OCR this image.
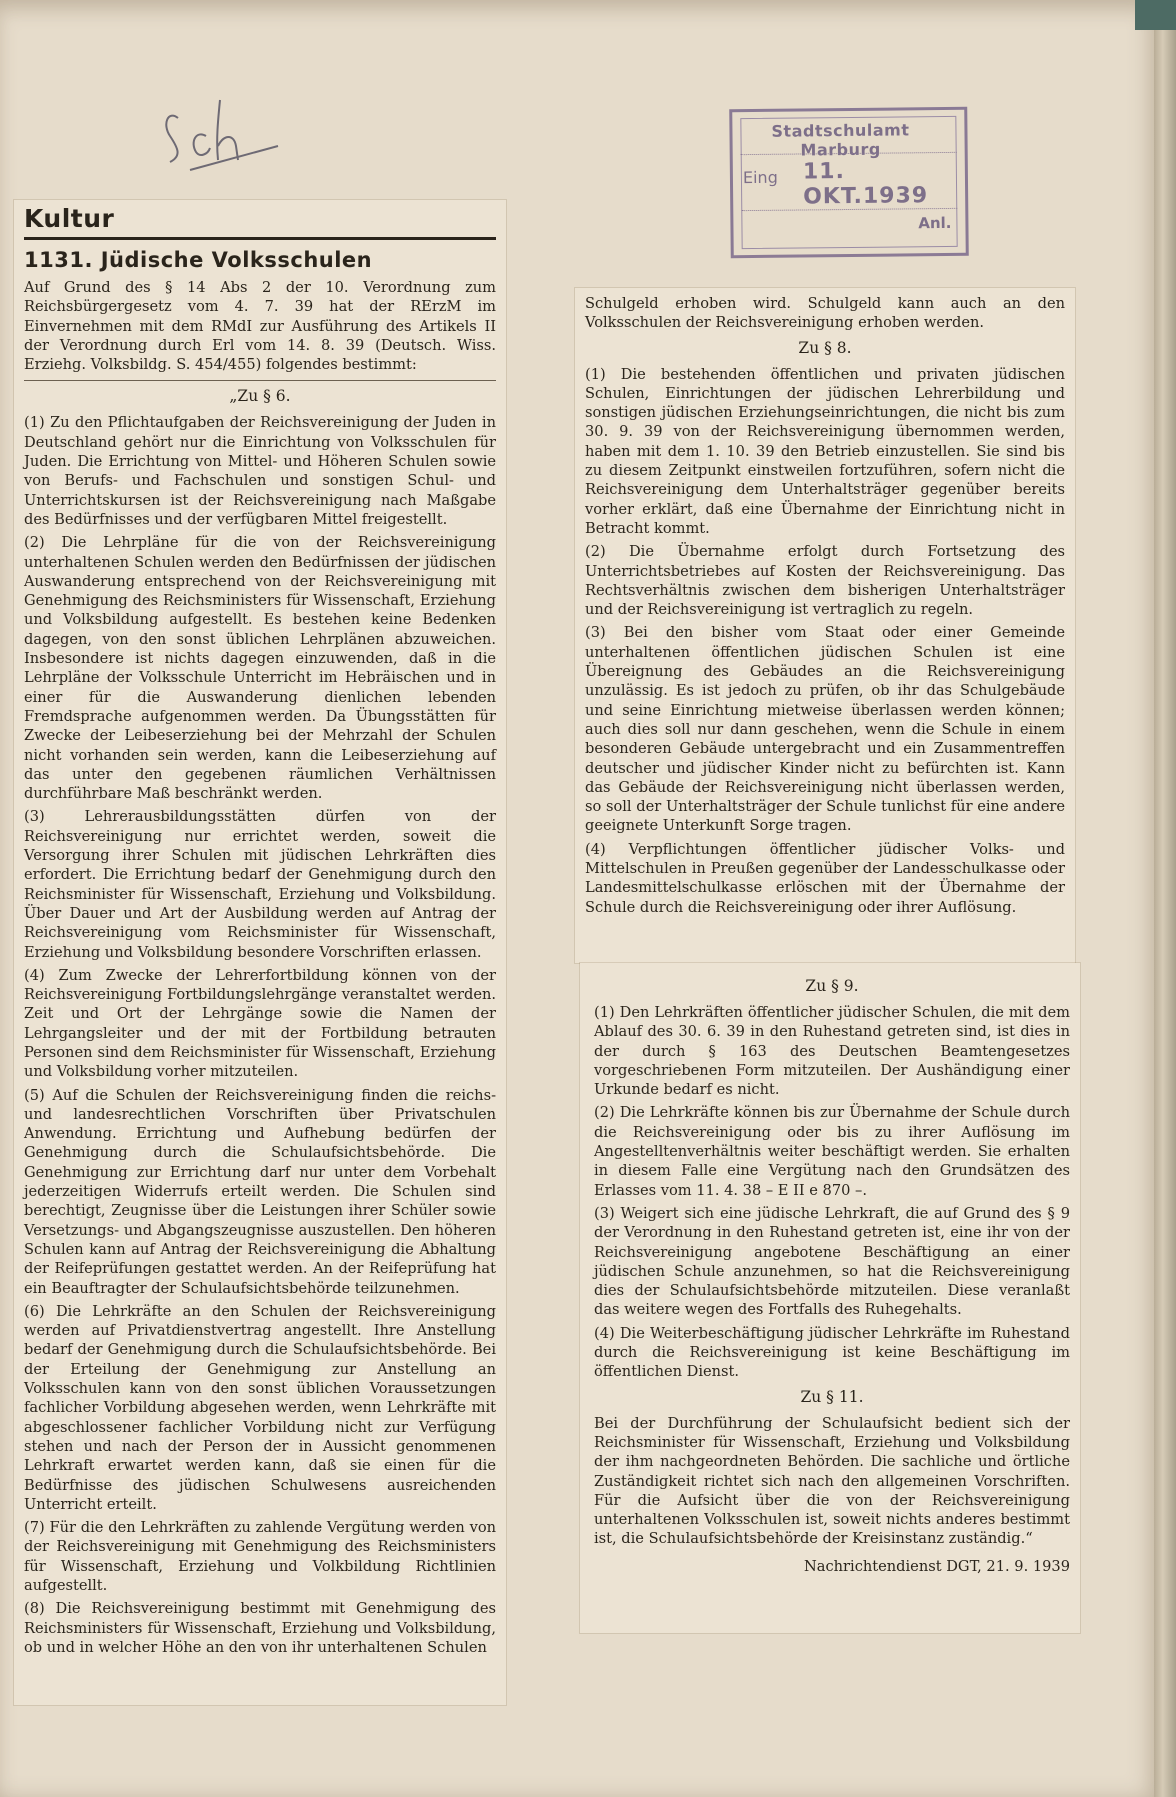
Stadtschulamt Marburg
Eing 11. OKT.1939
Anl.
Kultur
1131. Jüdische Volksschulen

Auf Grund des § 14 Abs 2 der 10. Verordnung zum Reichsbürgergesetz vom 4. 7. 39 hat der RErzM im Einvernehmen mit dem RMdI zur Ausführung des Artikels II der Verordnung durch Erl vom 14. 8. 39 (Deutsch. Wiss. Erziehg. Volksbildg. S. 454/455) folgendes bestimmt:

„Zu § 6.

(1) Zu den Pflichtaufgaben der Reichsvereinigung der Juden in Deutschland gehört nur die Einrichtung von Volksschulen für Juden. Die Errichtung von Mittel- und Höheren Schulen sowie von Berufs- und Fachschulen und sonstigen Schul- und Unterrichtskursen ist der Reichsvereinigung nach Maßgabe des Bedürfnisses und der verfügbaren Mittel freigestellt.

(2) Die Lehrpläne für die von der Reichsvereinigung unterhaltenen Schulen werden den Bedürfnissen der jüdischen Auswanderung entsprechend von der Reichsvereinigung mit Genehmigung des Reichsministers für Wissenschaft, Erziehung und Volksbildung aufgestellt. Es bestehen keine Bedenken dagegen, von den sonst üblichen Lehrplänen abzuweichen. Insbesondere ist nichts dagegen einzuwenden, daß in die Lehrpläne der Volksschule Unterricht im Hebräischen und in einer für die Auswanderung dienlichen lebenden Fremdsprache aufgenommen werden. Da Übungsstätten für Zwecke der Leibeserziehung bei der Mehrzahl der Schulen nicht vorhanden sein werden, kann die Leibeserziehung auf das unter den gegebenen räumlichen Verhältnissen durchführbare Maß beschränkt werden.

(3) Lehrerausbildungsstätten dürfen von der Reichsvereinigung nur errichtet werden, soweit die Versorgung ihrer Schulen mit jüdischen Lehrkräften dies erfordert. Die Errichtung bedarf der Genehmigung durch den Reichsminister für Wissenschaft, Erziehung und Volksbildung. Über Dauer und Art der Ausbildung werden auf Antrag der Reichsvereinigung vom Reichsminister für Wissenschaft, Erziehung und Volksbildung besondere Vorschriften erlassen.

(4) Zum Zwecke der Lehrerfortbildung können von der Reichsvereinigung Fortbildungslehrgänge veranstaltet werden. Zeit und Ort der Lehrgänge sowie die Namen der Lehrgangsleiter und der mit der Fortbildung betrauten Personen sind dem Reichsminister für Wissenschaft, Erziehung und Volksbildung vorher mitzuteilen.

(5) Auf die Schulen der Reichsvereinigung finden die reichs- und landesrechtlichen Vorschriften über Privatschulen Anwendung. Errichtung und Aufhebung bedürfen der Genehmigung durch die Schulaufsichtsbehörde. Die Genehmigung zur Errichtung darf nur unter dem Vorbehalt jederzeitigen Widerrufs erteilt werden. Die Schulen sind berechtigt, Zeugnisse über die Leistungen ihrer Schüler sowie Versetzungs- und Abgangszeugnisse auszustellen. Den höheren Schulen kann auf Antrag der Reichsvereinigung die Abhaltung der Reifeprüfungen gestattet werden. An der Reifeprüfung hat ein Beauftragter der Schulaufsichtsbehörde teilzunehmen.

(6) Die Lehrkräfte an den Schulen der Reichsvereinigung werden auf Privatdienstvertrag angestellt. Ihre Anstellung bedarf der Genehmigung durch die Schulaufsichtsbehörde. Bei der Erteilung der Genehmigung zur Anstellung an Volksschulen kann von den sonst üblichen Voraussetzungen fachlicher Vorbildung abgesehen werden, wenn Lehrkräfte mit abgeschlossener fachlicher Vorbildung nicht zur Verfügung stehen und nach der Person der in Aussicht genommenen Lehrkraft erwartet werden kann, daß sie einen für die Bedürfnisse des jüdischen Schulwesens ausreichenden Unterricht erteilt.

(7) Für die den Lehrkräften zu zahlende Vergütung werden von der Reichsvereinigung mit Genehmigung des Reichsministers für Wissenschaft, Erziehung und Volkbildung Richtlinien aufgestellt.

(8) Die Reichsvereinigung bestimmt mit Genehmigung des Reichsministers für Wissenschaft, Erziehung und Volksbildung, ob und in welcher Höhe an den von ihr unterhaltenen Schulen

Schulgeld erhoben wird. Schulgeld kann auch an den Volksschulen der Reichsvereinigung erhoben werden.

Zu § 8.

(1) Die bestehenden öffentlichen und privaten jüdischen Schulen, Einrichtungen der jüdischen Lehrerbildung und sonstigen jüdischen Erziehungseinrichtungen, die nicht bis zum 30. 9. 39 von der Reichsvereinigung übernommen werden, haben mit dem 1. 10. 39 den Betrieb einzustellen. Sie sind bis zu diesem Zeitpunkt einstweilen fortzuführen, sofern nicht die Reichsvereinigung dem Unterhaltsträger gegenüber bereits vorher erklärt, daß eine Übernahme der Einrichtung nicht in Betracht kommt.

(2) Die Übernahme erfolgt durch Fortsetzung des Unterrichtsbetriebes auf Kosten der Reichsvereinigung. Das Rechtsverhältnis zwischen dem bisherigen Unterhaltsträger und der Reichsvereinigung ist vertraglich zu regeln.

(3) Bei den bisher vom Staat oder einer Gemeinde unterhaltenen öffentlichen jüdischen Schulen ist eine Übereignung des Gebäudes an die Reichsvereinigung unzulässig. Es ist jedoch zu prüfen, ob ihr das Schulgebäude und seine Einrichtung mietweise überlassen werden können; auch dies soll nur dann geschehen, wenn die Schule in einem besonderen Gebäude untergebracht und ein Zusammentreffen deutscher und jüdischer Kinder nicht zu befürchten ist. Kann das Gebäude der Reichsvereinigung nicht überlassen werden, so soll der Unterhaltsträger der Schule tunlichst für eine andere geeignete Unterkunft Sorge tragen.

(4) Verpflichtungen öffentlicher jüdischer Volks- und Mittelschulen in Preußen gegenüber der Landesschulkasse oder Landesmittelschulkasse erlöschen mit der Übernahme der Schule durch die Reichsvereinigung oder ihrer Auflösung.

Zu § 9.

(1) Den Lehrkräften öffentlicher jüdischer Schulen, die mit dem Ablauf des 30. 6. 39 in den Ruhestand getreten sind, ist dies in der durch § 163 des Deutschen Beamtengesetzes vorgeschriebenen Form mitzuteilen. Der Aushändigung einer Urkunde bedarf es nicht.

(2) Die Lehrkräfte können bis zur Übernahme der Schule durch die Reichsvereinigung oder bis zu ihrer Auflösung im Angestelltenverhältnis weiter beschäftigt werden. Sie erhalten in diesem Falle eine Vergütung nach den Grundsätzen des Erlasses vom 11. 4. 38 – E II e 870 –.

(3) Weigert sich eine jüdische Lehrkraft, die auf Grund des § 9 der Verordnung in den Ruhestand getreten ist, eine ihr von der Reichsvereinigung angebotene Beschäftigung an einer jüdischen Schule anzunehmen, so hat die Reichsvereinigung dies der Schulaufsichtsbehörde mitzuteilen. Diese veranlaßt das weitere wegen des Fortfalls des Ruhegehalts.

(4) Die Weiterbeschäftigung jüdischer Lehrkräfte im Ruhestand durch die Reichsvereinigung ist keine Beschäftigung im öffentlichen Dienst.

Zu § 11.

Bei der Durchführung der Schulaufsicht bedient sich der Reichsminister für Wissenschaft, Erziehung und Volksbildung der ihm nachgeordneten Behörden. Die sachliche und örtliche Zuständigkeit richtet sich nach den allgemeinen Vorschriften. Für die Aufsicht über die von der Reichsvereinigung unterhaltenen Volksschulen ist, soweit nichts anderes bestimmt ist, die Schulaufsichtsbehörde der Kreisinstanz zuständig.“

Nachrichtendienst DGT, 21. 9. 1939
